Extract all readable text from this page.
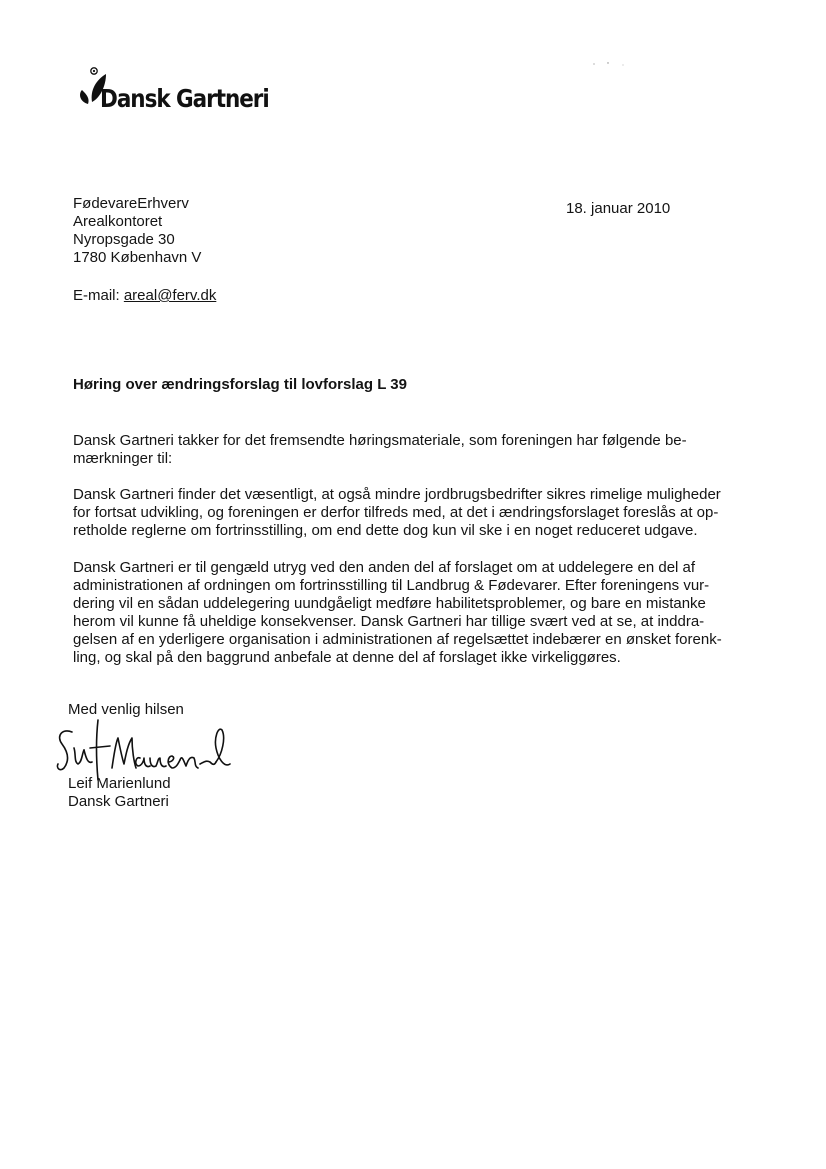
Dansk Gartneri
FødevareErhverv
Arealkontoret
Nyropsgade 30
1780 København V
18. januar 2010
E-mail: areal@ferv.dk
Høring over ændringsforslag til lovforslag L 39
Dansk Gartneri takker for det fremsendte høringsmateriale, som foreningen har følgende be-
mærkninger til:
Dansk Gartneri finder det væsentligt, at også mindre jordbrugsbedrifter sikres rimelige muligheder
for fortsat udvikling, og foreningen er derfor tilfreds med, at det i ændringsforslaget foreslås at op-
retholde reglerne om fortrinsstilling, om end dette dog kun vil ske i en noget reduceret udgave.
Dansk Gartneri er til gengæld utryg ved den anden del af forslaget om at uddelegere en del af
administrationen af ordningen om fortrinsstilling til Landbrug & Fødevarer. Efter foreningens vur-
dering vil en sådan uddelegering uundgåeligt medføre habilitetsproblemer, og bare en mistanke
herom vil kunne få uheldige konsekvenser. Dansk Gartneri har tillige svært ved at se, at inddra-
gelsen af en yderligere organisation i administrationen af regelsættet indebærer en ønsket forenk-
ling, og skal på den baggrund anbefale at denne del af forslaget ikke virkeliggøres.
Med venlig hilsen
Leif Marienlund
Dansk Gartneri
